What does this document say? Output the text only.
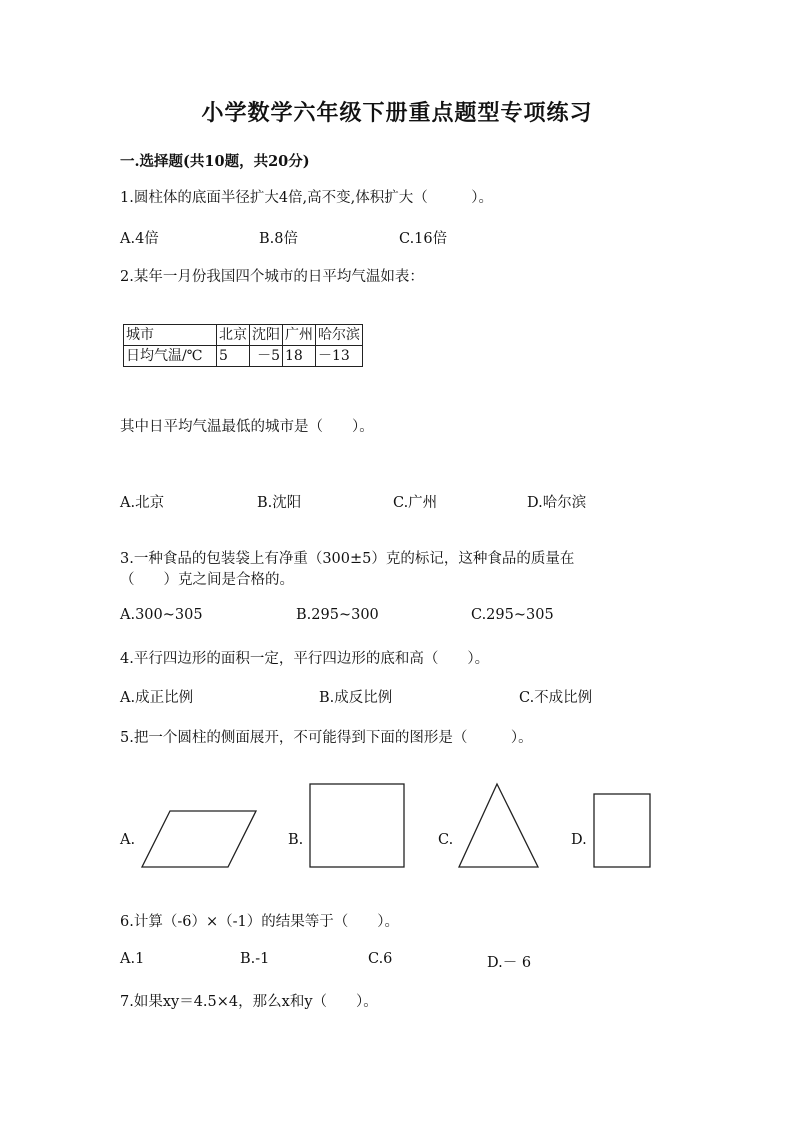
小学数学六年级下册重点题型专项练习
一.选择题(共10题，共20分)
1.圆柱体的底面半径扩大4倍,高不变,体积扩大（　　　）。
A.4倍	B.8倍	C.16倍
2.某年一月份我国四个城市的日平均气温如表：
城市	北京	沈阳	广州	哈尔滨
日均气温/℃	5	－5	18	－13
其中日平均气温最低的城市是（　　）。
A.北京	B.沈阳	C.广州	D.哈尔滨
3.一种食品的包装袋上有净重（300±5）克的标记，这种食品的质量在
（　　）克之间是合格的。
A.300~305	B.295~300	C.295~305
4.平行四边形的面积一定，平行四边形的底和高（　　）。
A.成正比例	B.成反比例	C.不成比例
5.把一个圆柱的侧面展开，不可能得到下面的图形是（　　　）。
A.	B.	C.	D.
6.计算（-6）×（-1）的结果等于（　　）。
A.1	B.-1	C.6	D.－ 6
7.如果xy＝4.5×4，那么x和y（　　）。
